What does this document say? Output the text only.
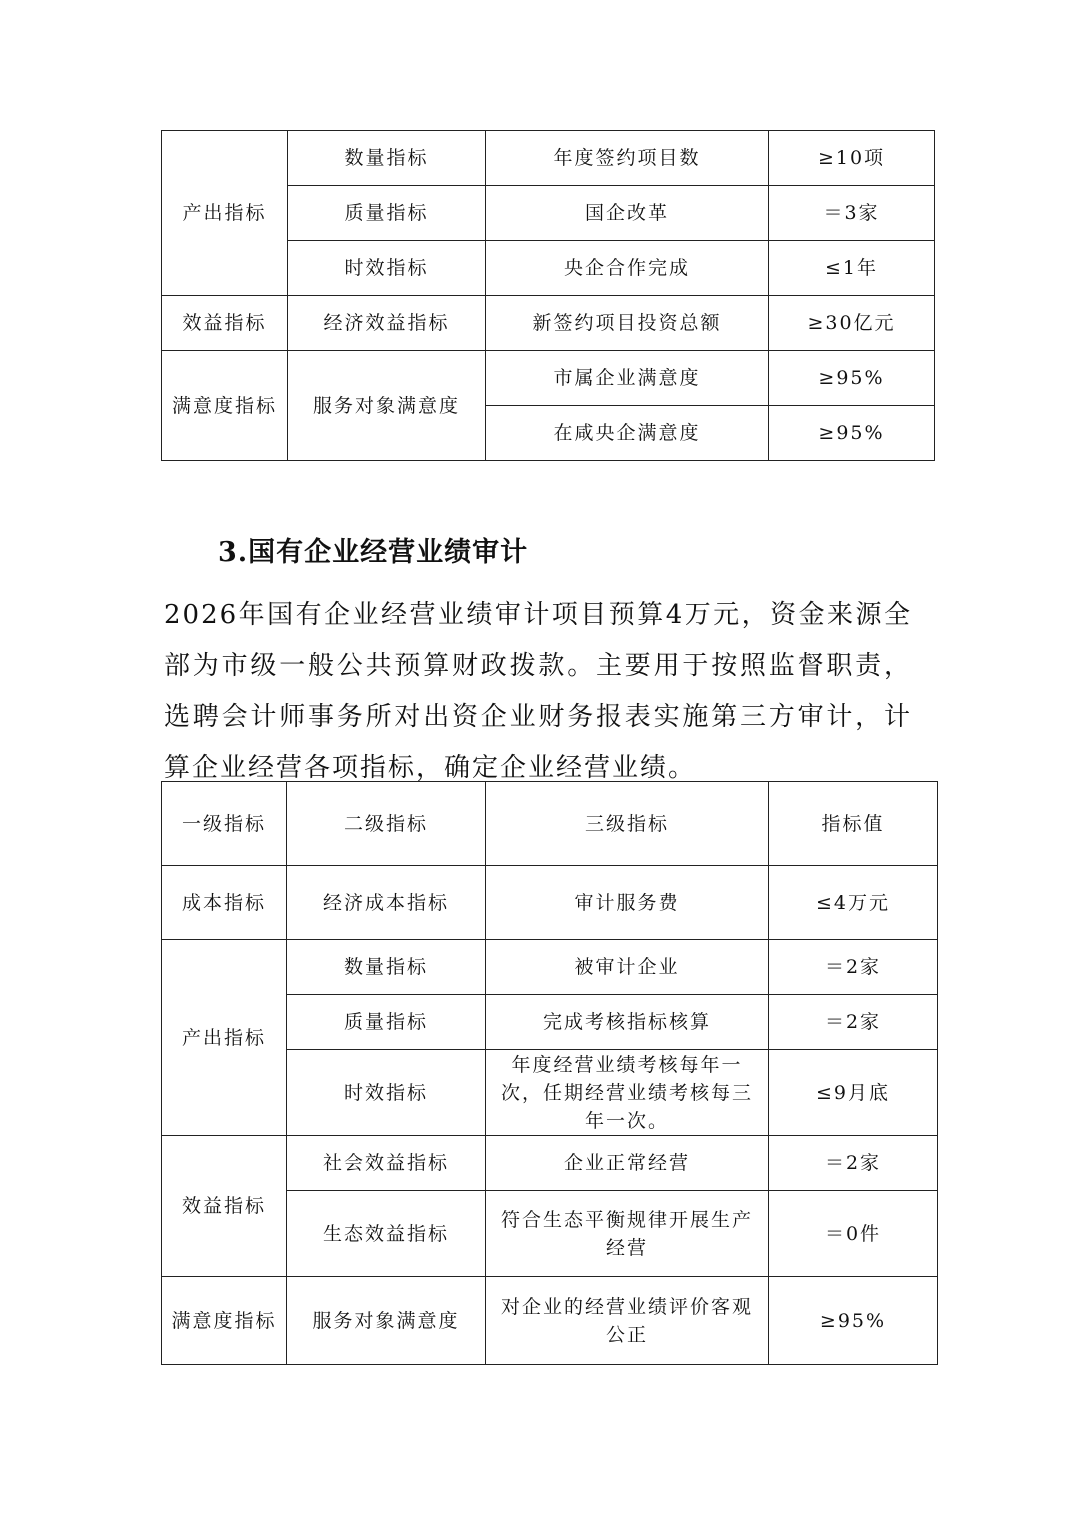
产出指标	数量指标	年度签约项目数	≥10项
	质量指标	国企改革	＝3家
	时效指标	央企合作完成	≤1年
效益指标	经济效益指标	新签约项目投资总额	≥30亿元
满意度指标	服务对象满意度	市属企业满意度	≥95%
		在咸央企满意度	≥95%
3.国有企业经营业绩审计

2026年国有企业经营业绩审计项目预算4万元，资金来源全部为市级一般公共预算财政拨款。主要用于按照监督职责，选聘会计师事务所对出资企业财务报表实施第三方审计，计算企业经营各项指标，确定企业经营业绩。

一级指标	二级指标	三级指标	指标值
成本指标	经济成本指标	审计服务费	≤4万元
产出指标	数量指标	被审计企业	＝2家
	质量指标	完成考核指标核算	＝2家
	时效指标	年度经营业绩考核每年一次，任期经营业绩考核每三年一次。	≤9月底
效益指标	社会效益指标	企业正常经营	＝2家
	生态效益指标	符合生态平衡规律开展生产经营	＝0件
满意度指标	服务对象满意度	对企业的经营业绩评价客观公正	≥95%
